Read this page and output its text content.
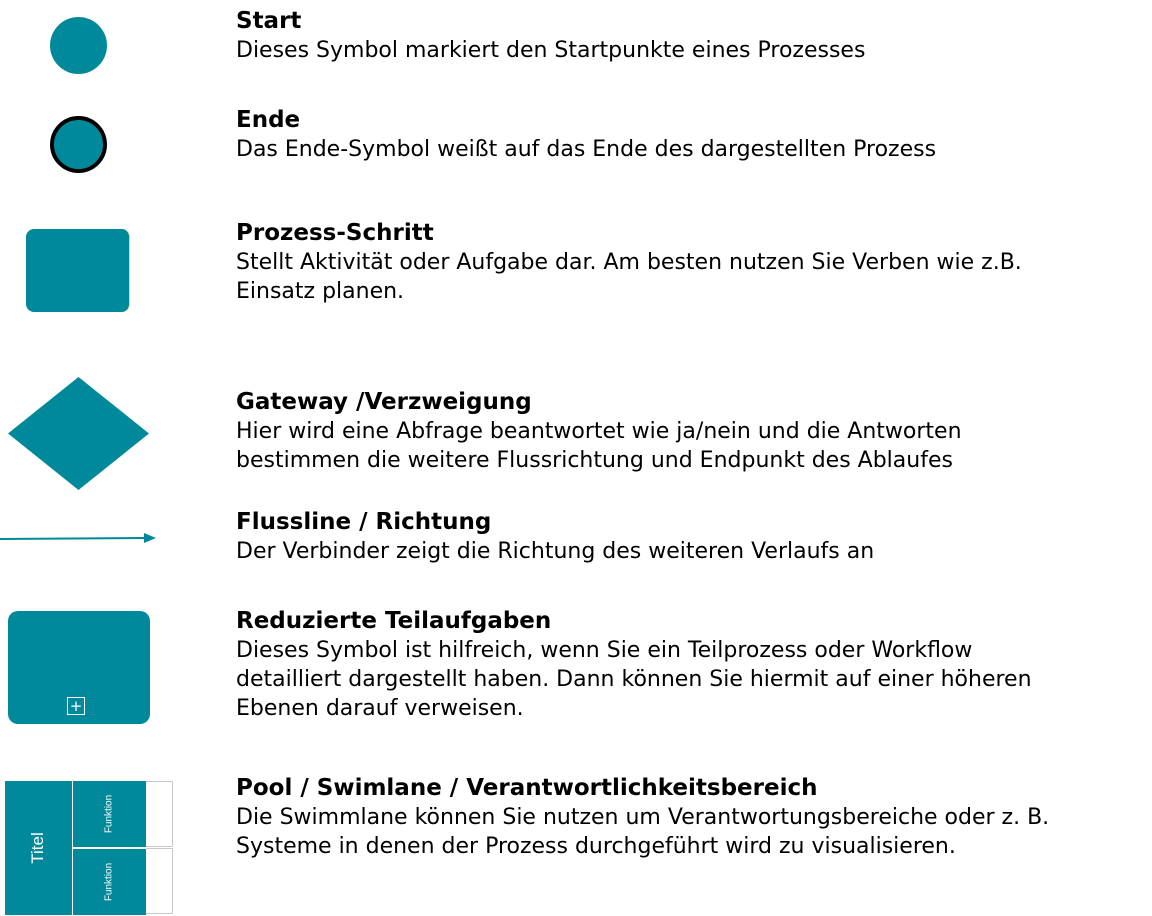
Start
Dieses Symbol markiert den Startpunkte eines Prozesses
Ende
Das Ende-Symbol weißt auf das Ende des dargestellten Prozess
Prozess-Schritt
Stellt Aktivität oder Aufgabe dar. Am besten nutzen Sie Verben wie z.B.
Einsatz planen.
Gateway /Verzweigung
Hier wird eine Abfrage beantwortet wie ja/nein und die Antworten
bestimmen die weitere Flussrichtung und Endpunkt des Ablaufes
Flussline / Richtung
Der Verbinder zeigt die Richtung des weiteren Verlaufs an
+
Reduzierte Teilaufgaben
Dieses Symbol ist hilfreich, wenn Sie ein Teilprozess oder Workflow
detailliert dargestellt haben. Dann können Sie hiermit auf einer höheren
Ebenen darauf verweisen.
Titel
Funktion
Funktion
Pool / Swimlane / Verantwortlichkeitsbereich
Die Swimmlane können Sie nutzen um Verantwortungsbereiche oder z. B.
Systeme in denen der Prozess durchgeführt wird zu visualisieren.
